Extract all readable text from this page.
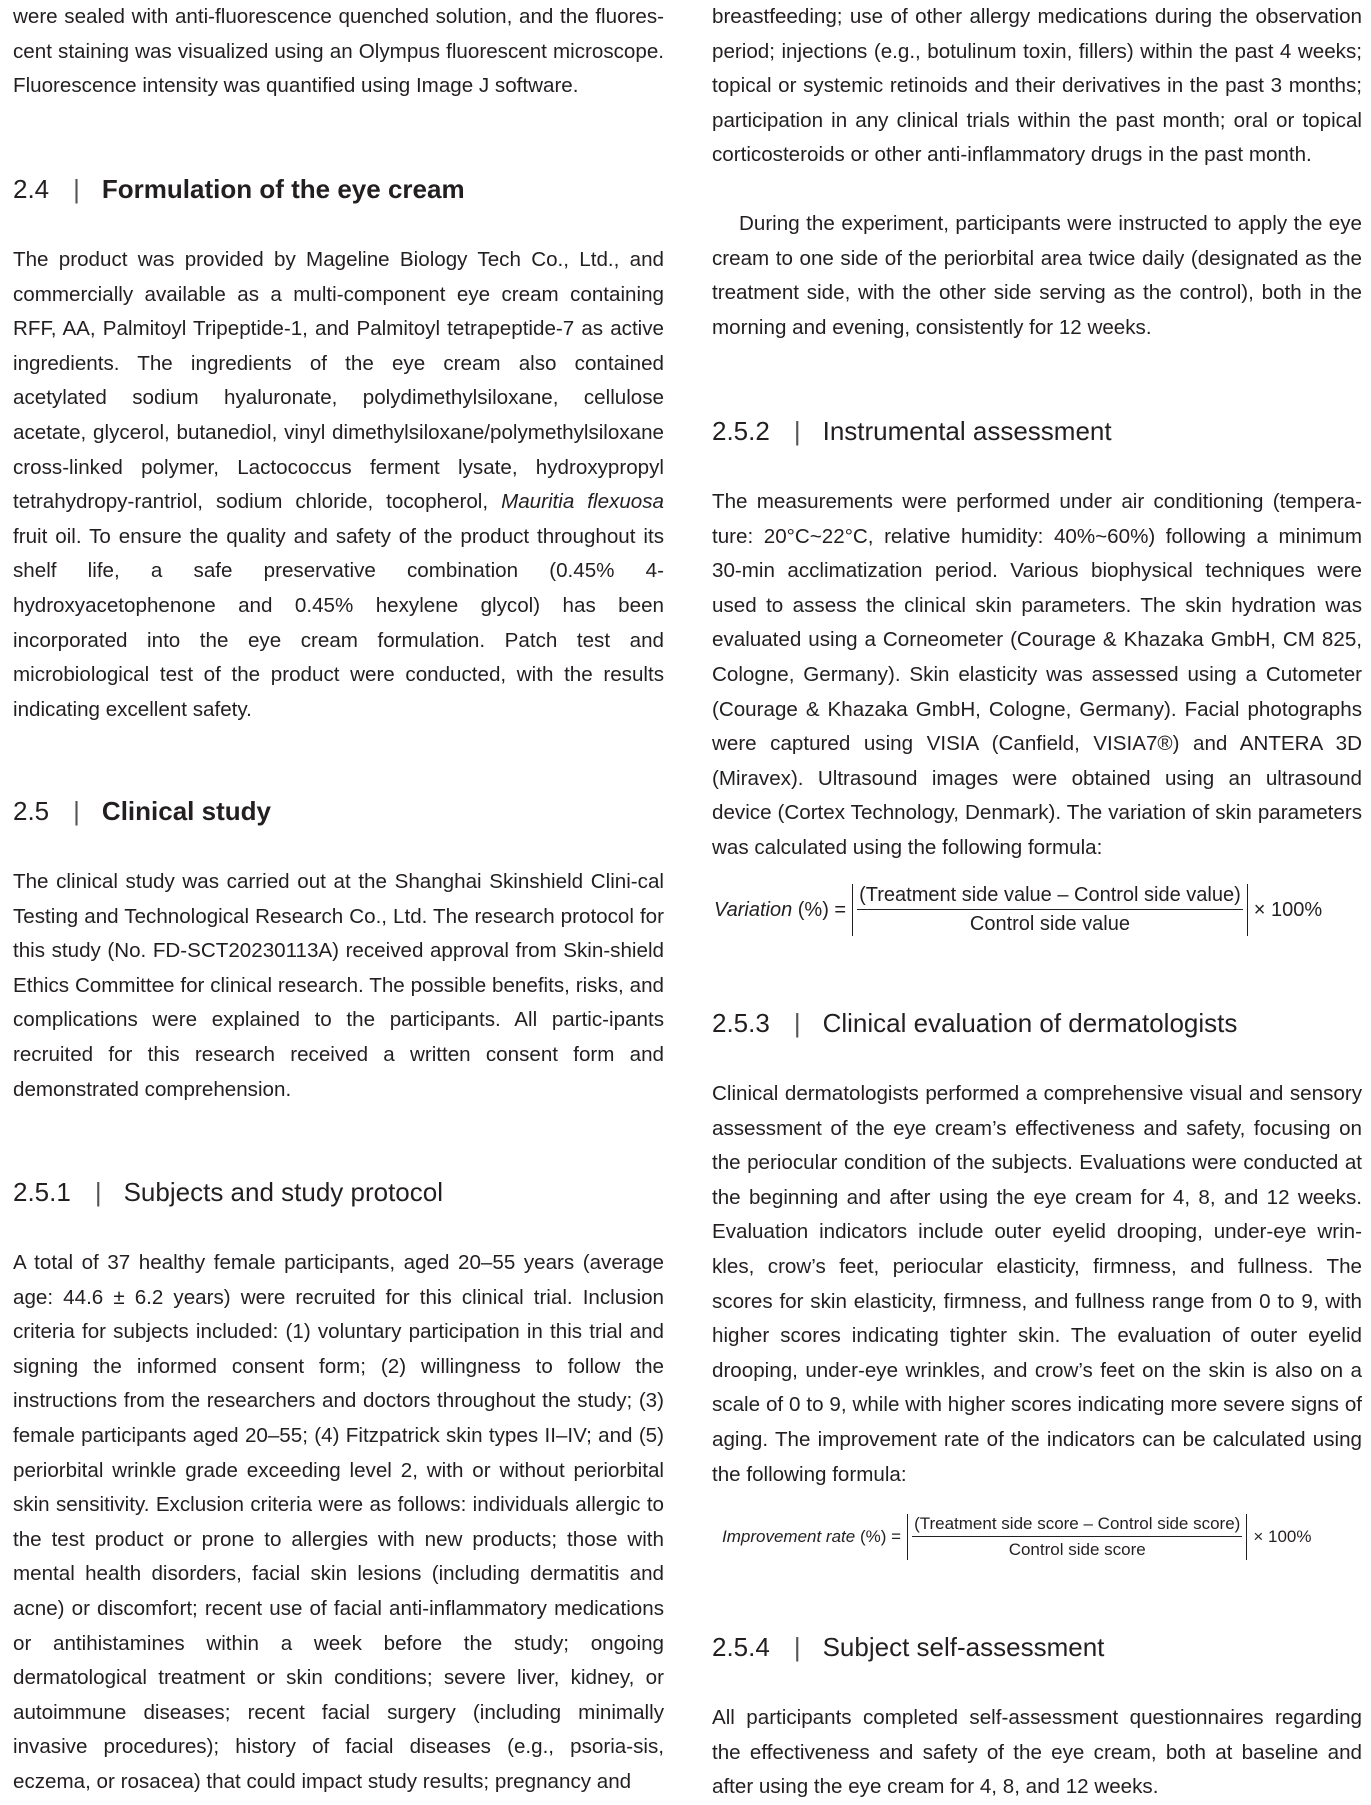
were sealed with anti-fluorescence quenched solution, and the fluores-cent staining was visualized using an Olympus fluorescent microscope. Fluorescence intensity was quantified using Image J software.

2.4 | Formulation of the eye cream

The product was provided by Mageline Biology Tech Co., Ltd., and commercially available as a multi-component eye cream containing RFF, AA, Palmitoyl Tripeptide-1, and Palmitoyl tetrapeptide-7 as active ingredients. The ingredients of the eye cream also contained acetylated sodium hyaluronate, polydimethylsiloxane, cellulose acetate, glycerol, butanediol, vinyl dimethylsiloxane/polymethylsiloxane cross-linked polymer, Lactococcus ferment lysate, hydroxypropyl tetrahydropy-rantriol, sodium chloride, tocopherol, Mauritia flexuosa fruit oil. To ensure the quality and safety of the product throughout its shelf life, a safe preservative combination (0.45% 4-hydroxyacetophenone and 0.45% hexylene glycol) has been incorporated into the eye cream formulation. Patch test and microbiological test of the product were conducted, with the results indicating excellent safety.

2.5 | Clinical study

The clinical study was carried out at the Shanghai Skinshield Clini-cal Testing and Technological Research Co., Ltd. The research protocol for this study (No. FD-SCT20230113A) received approval from Skin-shield Ethics Committee for clinical research. The possible benefits, risks, and complications were explained to the participants. All partic-ipants recruited for this research received a written consent form and demonstrated comprehension.

2.5.1 | Subjects and study protocol

A total of 37 healthy female participants, aged 20–55 years (average age: 44.6 ± 6.2 years) were recruited for this clinical trial. Inclusion criteria for subjects included: (1) voluntary participation in this trial and signing the informed consent form; (2) willingness to follow the instructions from the researchers and doctors throughout the study; (3) female participants aged 20–55; (4) Fitzpatrick skin types II–IV; and (5) periorbital wrinkle grade exceeding level 2, with or without periorbital skin sensitivity. Exclusion criteria were as follows: individuals allergic to the test product or prone to allergies with new products; those with mental health disorders, facial skin lesions (including dermatitis and acne) or discomfort; recent use of facial anti-inflammatory medications or antihistamines within a week before the study; ongoing dermatological treatment or skin conditions; severe liver, kidney, or autoimmune diseases; recent facial surgery (including minimally invasive procedures); history of facial diseases (e.g., psoria-sis, eczema, or rosacea) that could impact study results; pregnancy and

breastfeeding; use of other allergy medications during the observation period; injections (e.g., botulinum toxin, fillers) within the past 4 weeks; topical or systemic retinoids and their derivatives in the past 3 months; participation in any clinical trials within the past month; oral or topical corticosteroids or other anti-inflammatory drugs in the past month.

During the experiment, participants were instructed to apply the eye cream to one side of the periorbital area twice daily (designated as the treatment side, with the other side serving as the control), both in the morning and evening, consistently for 12 weeks.

2.5.2 | Instrumental assessment

The measurements were performed under air conditioning (tempera-ture: 20°C~22°C, relative humidity: 40%~60%) following a minimum 30-min acclimatization period. Various biophysical techniques were used to assess the clinical skin parameters. The skin hydration was evaluated using a Corneometer (Courage & Khazaka GmbH, CM 825, Cologne, Germany). Skin elasticity was assessed using a Cutometer (Courage & Khazaka GmbH, Cologne, Germany). Facial photographs were captured using VISIA (Canfield, VISIA7®) and ANTERA 3D (Miravex). Ultrasound images were obtained using an ultrasound device (Cortex Technology, Denmark). The variation of skin parameters was calculated using the following formula:

Variation (%) = $\frac{\text{(Treatment side value – Control side value)}}{\text{Control side value}} \times 100\%$
2.5.3 | Clinical evaluation of dermatologists

Clinical dermatologists performed a comprehensive visual and sensory assessment of the eye cream’s effectiveness and safety, focusing on the periocular condition of the subjects. Evaluations were conducted at the beginning and after using the eye cream for 4, 8, and 12 weeks. Evaluation indicators include outer eyelid drooping, under-eye wrin-kles, crow’s feet, periocular elasticity, firmness, and fullness. The scores for skin elasticity, firmness, and fullness range from 0 to 9, with higher scores indicating tighter skin. The evaluation of outer eyelid drooping, under-eye wrinkles, and crow’s feet on the skin is also on a scale of 0 to 9, while with higher scores indicating more severe signs of aging. The improvement rate of the indicators can be calculated using the following formula:

Improvement rate (%) = $\frac{\text{(Treatment side score – Control side score)}}{\text{Control side score}} \times 100\%$
2.5.4 | Subject self-assessment

All participants completed self-assessment questionnaires regarding the effectiveness and safety of the eye cream, both at baseline and after using the eye cream for 4, 8, and 12 weeks.
